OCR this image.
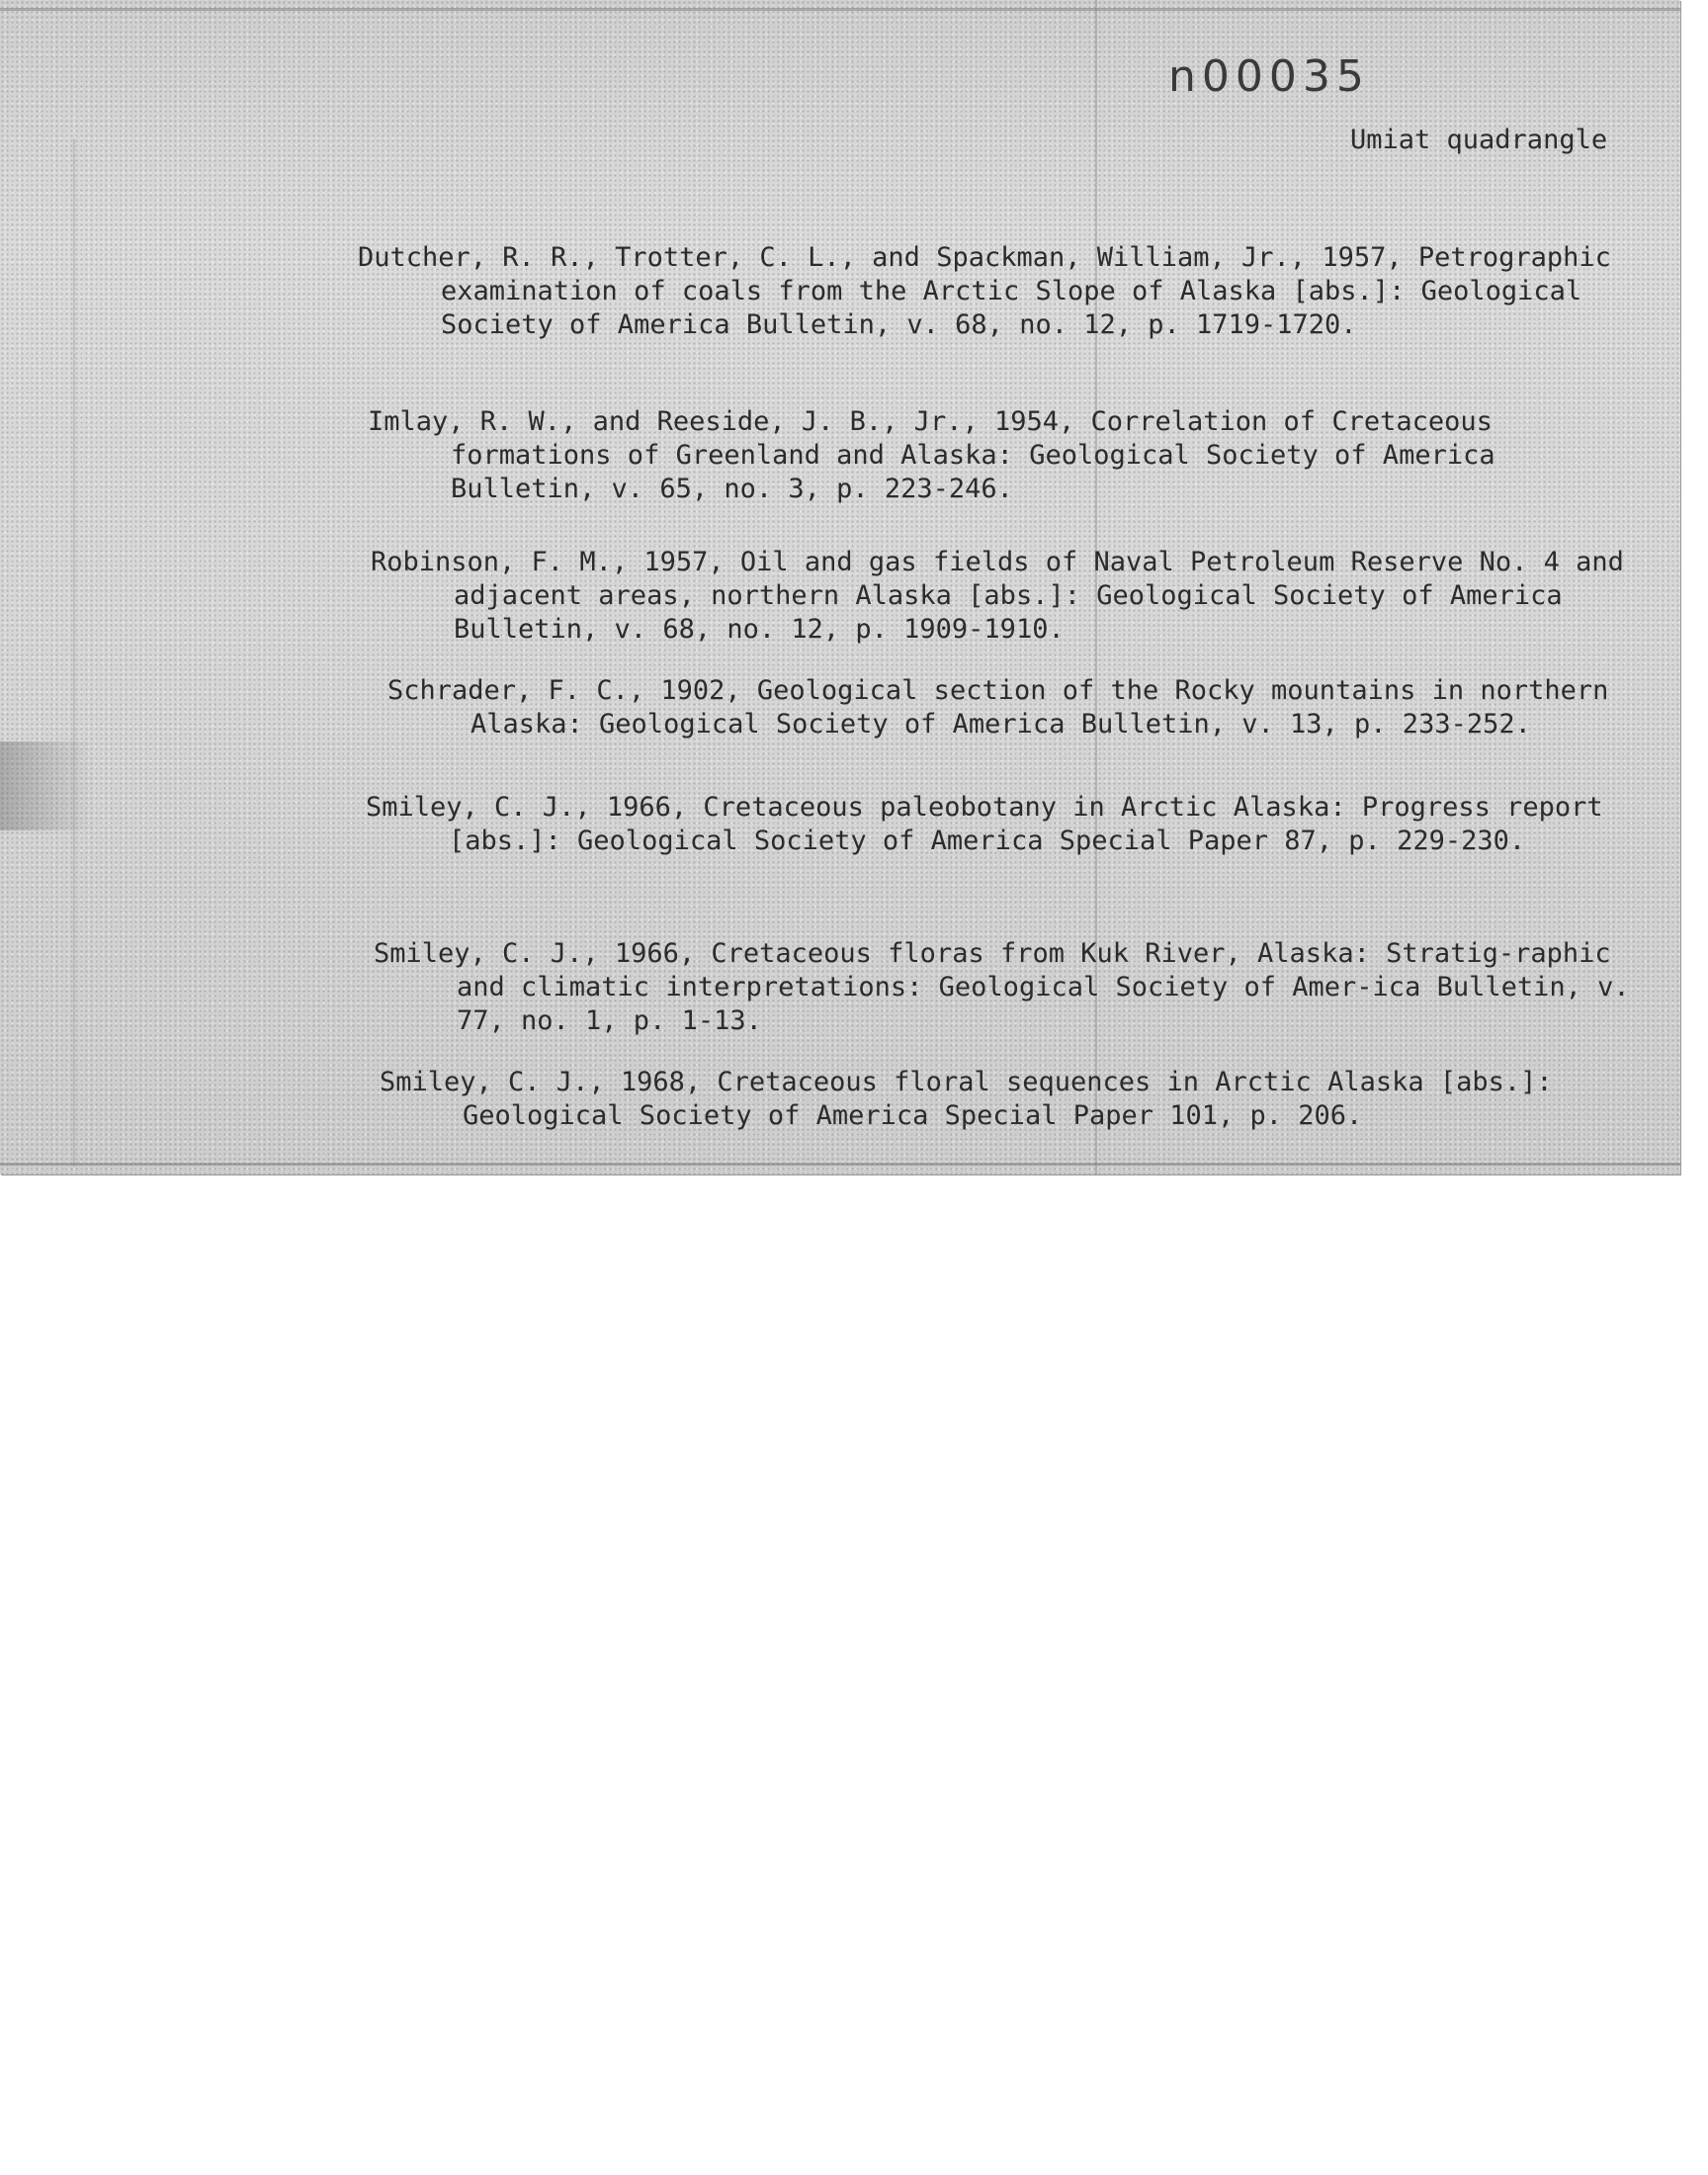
n00035

Umiat quadrangle

Dutcher, R. R., Trotter, C. L., and Spackman, William, Jr., 1957, Petrographic examination of coals from the Arctic Slope of Alaska [abs.]: Geological Society of America Bulletin, v. 68, no. 12, p. 1719-1720.
Imlay, R. W., and Reeside, J. B., Jr., 1954, Correlation of Cretaceous formations of Greenland and Alaska: Geological Society of America Bulletin, v. 65, no. 3, p. 223-246.
Robinson, F. M., 1957, Oil and gas fields of Naval Petroleum Reserve No. 4 and adjacent areas, northern Alaska [abs.]: Geological Society of America Bulletin, v. 68, no. 12, p. 1909-1910.
Schrader, F. C., 1902, Geological section of the Rocky mountains in northern Alaska: Geological Society of America Bulletin, v. 13, p. 233-252.
Smiley, C. J., 1966, Cretaceous paleobotany in Arctic Alaska: Progress report [abs.]: Geological Society of America Special Paper 87, p. 229-230.
Smiley, C. J., 1966, Cretaceous floras from Kuk River, Alaska: Stratig-raphic and climatic interpretations: Geological Society of Amer-ica Bulletin, v. 77, no. 1, p. 1-13.
Smiley, C. J., 1968, Cretaceous floral sequences in Arctic Alaska [abs.]: Geological Society of America Special Paper 101, p. 206.
